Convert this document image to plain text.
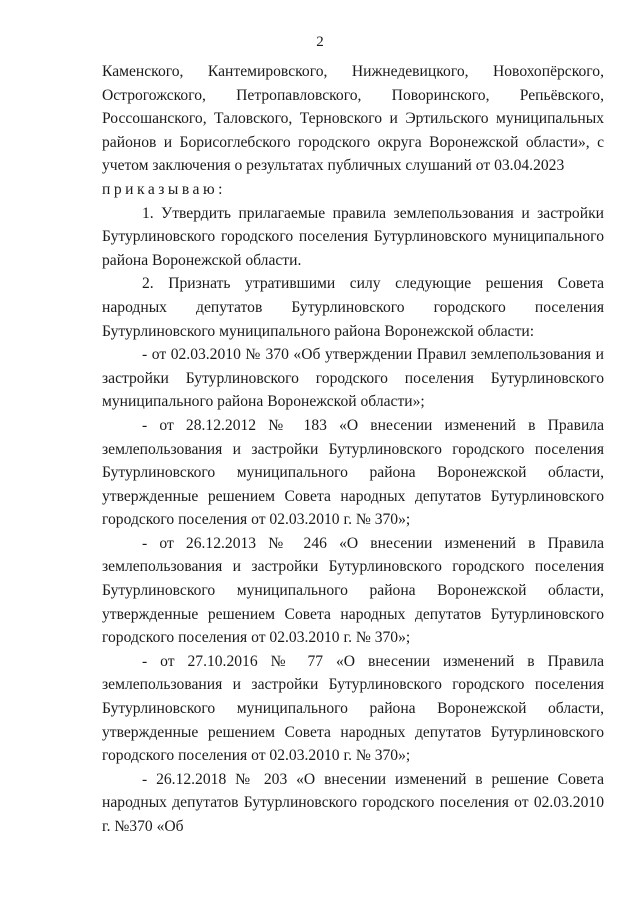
2

Каменского, Кантемировского, Нижнедевицкого, Новохопёрского,

Острогожского, Петропавловского, Поворинского, Репьёвского,

Россошанского, Таловского, Терновского и Эртильского муниципальных

районов и Борисоглебского городского округа Воронежской области», с

учетом заключения о результатах публичных слушаний от 03.04.2023

приказываю:

1. Утвердить прилагаемые правила землепользования и застройки Бутурлиновского городского поселения Бутурлиновского муниципального района Воронежской области.

2. Признать утратившими силу следующие решения Совета народных депутатов Бутурлиновского городского поселения Бутурлиновского муниципального района Воронежской области:

- от 02.03.2010 № 370 «Об утверждении Правил землепользования и застройки Бутурлиновского городского поселения Бутурлиновского муниципального района Воронежской области»;

- от 28.12.2012 № 183 «О внесении изменений в Правила землепользования и застройки Бутурлиновского городского поселения Бутурлиновского муниципального района Воронежской области, утвержденные решением Совета народных депутатов Бутурлиновского городского поселения от 02.03.2010 г. № 370»;

- от 26.12.2013 № 246 «О внесении изменений в Правила землепользования и застройки Бутурлиновского городского поселения Бутурлиновского муниципального района Воронежской области, утвержденные решением Совета народных депутатов Бутурлиновского городского поселения от 02.03.2010 г. № 370»;

- от 27.10.2016 № 77 «О внесении изменений в Правила землепользования и застройки Бутурлиновского городского поселения Бутурлиновского муниципального района Воронежской области, утвержденные решением Совета народных депутатов Бутурлиновского городского поселения от 02.03.2010 г. № 370»;

- 26.12.2018 № 203 «О внесении изменений в решение Совета народных депутатов Бутурлиновского городского поселения от 02.03.2010 г. №370 «Об
